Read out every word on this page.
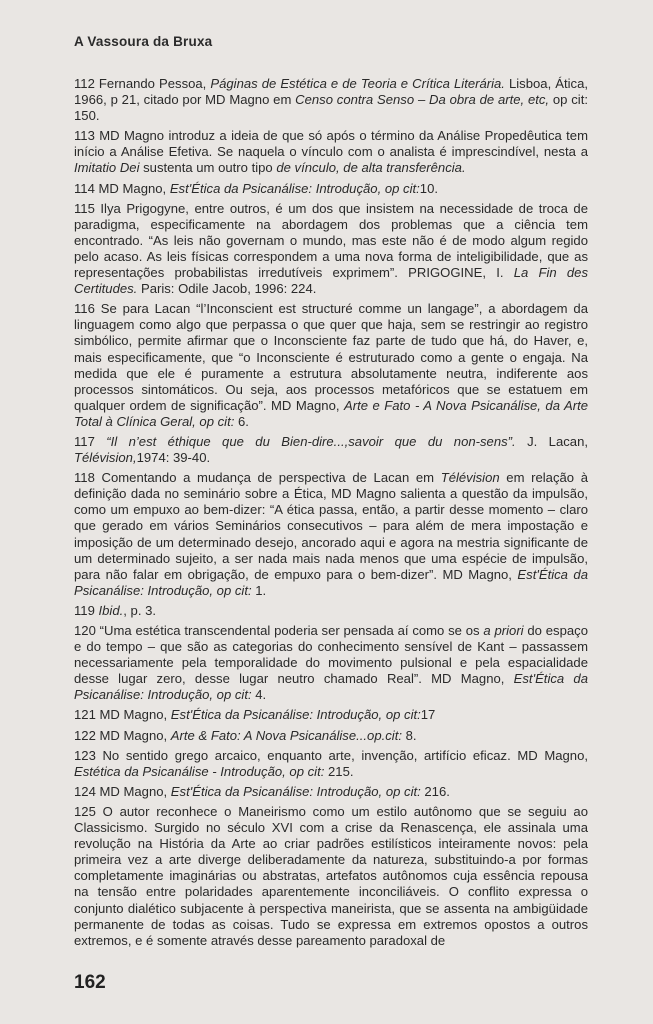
A Vassoura da Bruxa

112 Fernando Pessoa, Páginas de Estética e de Teoria e Crítica Literária. Lisboa, Ática, 1966, p 21, citado por MD Magno em Censo contra Senso – Da obra de arte, etc, op cit: 150.

113 MD Magno introduz a ideia de que só após o término da Análise Propedêutica tem início a Análise Efetiva. Se naquela o vínculo com o analista é imprescindível, nesta a Imitatio Dei sustenta um outro tipo de vínculo, de alta transferência.

114 MD Magno, Est'Ética da Psicanálise: Introdução, op cit:10.

115 Ilya Prigogyne, entre outros, é um dos que insistem na necessidade de troca de paradigma, especificamente na abordagem dos problemas que a ciência tem encontrado. “As leis não governam o mundo, mas este não é de modo algum regido pelo acaso. As leis físicas correspondem a uma nova forma de inteligibilidade, que as representações probabilistas irredutíveis exprimem”. PRIGOGINE, I. La Fin des Certitudes. Paris: Odile Jacob, 1996: 224.

116 Se para Lacan “l’Inconscient est structuré comme un langage”, a abordagem da linguagem como algo que perpassa o que quer que haja, sem se restringir ao registro simbólico, permite afirmar que o Inconsciente faz parte de tudo que há, do Haver, e, mais especificamente, que “o Inconsciente é estruturado como a gente o engaja. Na medida que ele é puramente a estrutura absolutamente neutra, indiferente aos processos sintomáticos. Ou seja, aos processos metafóricos que se estatuem em qualquer ordem de significação”. MD Magno, Arte e Fato - A Nova Psicanálise, da Arte Total à Clínica Geral, op cit: 6.

117 “Il n’est éthique que du Bien-dire...,savoir que du non-sens”. J. Lacan, Télévision,1974: 39-40.

118 Comentando a mudança de perspectiva de Lacan em Télévision em relação à definição dada no seminário sobre a Ética, MD Magno salienta a questão da impulsão, como um empuxo ao bem-dizer: “A ética passa, então, a partir desse momento – claro que gerado em vários Seminários consecutivos – para além de mera impostação e imposição de um determinado desejo, ancorado aqui e agora na mestria significante de um determinado sujeito, a ser nada mais nada menos que uma espécie de impulsão, para não falar em obrigação, de empuxo para o bem-dizer”. MD Magno, Est'Ética da Psicanálise: Introdução, op cit: 1.

119 Ibid., p. 3.

120 “Uma estética transcendental poderia ser pensada aí como se os a priori do espaço e do tempo – que são as categorias do conhecimento sensível de Kant – passassem necessariamente pela temporalidade do movimento pulsional e pela espacialidade desse lugar zero, desse lugar neutro chamado Real”. MD Magno, Est'Ética da Psicanálise: Introdução, op cit: 4.

121 MD Magno, Est'Ética da Psicanálise: Introdução, op cit:17

122 MD Magno, Arte & Fato: A Nova Psicanálise...op.cit: 8.

123 No sentido grego arcaico, enquanto arte, invenção, artifício eficaz. MD Magno, Estética da Psicanálise - Introdução, op cit: 215.

124 MD Magno, Est'Ética da Psicanálise: Introdução, op cit: 216.

125 O autor reconhece o Maneirismo como um estilo autônomo que se seguiu ao Classicismo. Surgido no século XVI com a crise da Renascença, ele assinala uma revolução na História da Arte ao criar padrões estilísticos inteiramente novos: pela primeira vez a arte diverge deliberadamente da natureza, substituindo-a por formas completamente imaginárias ou abstratas, artefatos autônomos cuja essência repousa na tensão entre polaridades aparentemente inconciliáveis. O conflito expressa o conjunto dialético subjacente à perspectiva maneirista, que se assenta na ambigüidade permanente de todas as coisas. Tudo se expressa em extremos opostos a outros extremos, e é somente através desse pareamento paradoxal de

162
